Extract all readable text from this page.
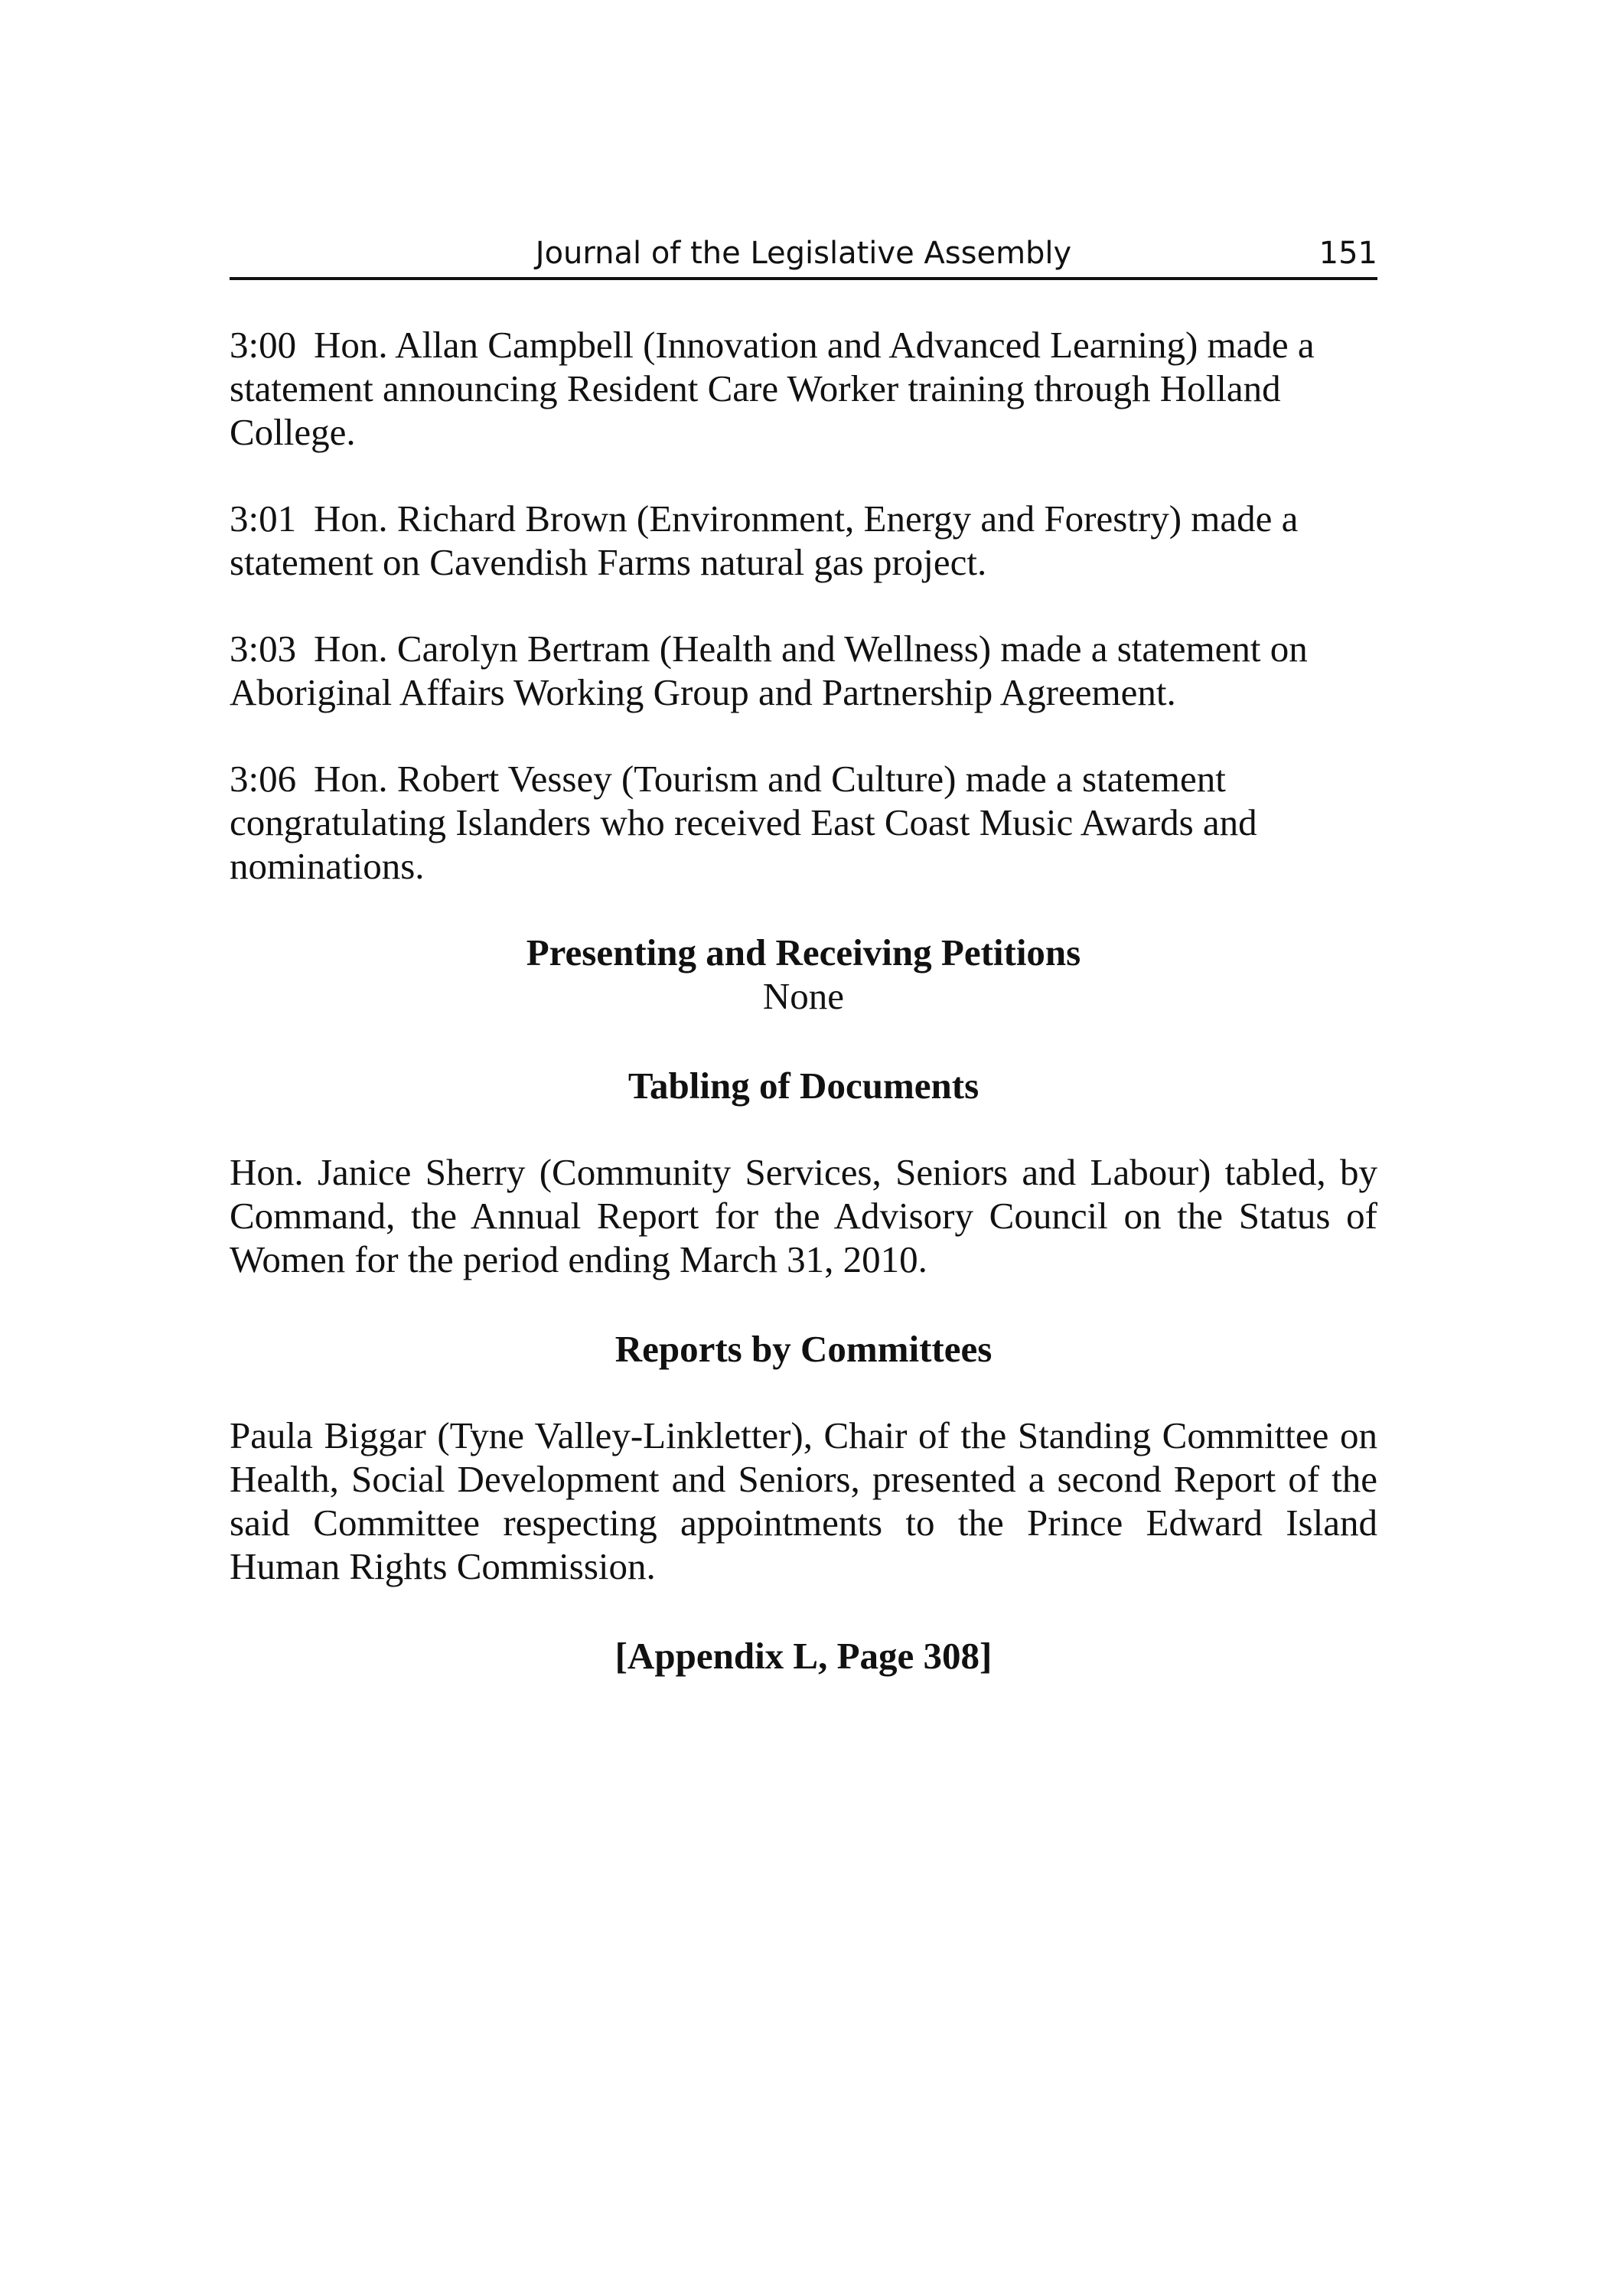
Journal of the Legislative Assembly	151

3:00 Hon. Allan Campbell (Innovation and Advanced Learning) made a statement announcing Resident Care Worker training through Holland College.

3:01 Hon. Richard Brown (Environment, Energy and Forestry) made a statement on Cavendish Farms natural gas project.

3:03 Hon. Carolyn Bertram (Health and Wellness) made a statement on Aboriginal Affairs Working Group and Partnership Agreement.

3:06 Hon. Robert Vessey (Tourism and Culture) made a statement congratulating Islanders who received East Coast Music Awards and nominations.

Presenting and Receiving Petitions

None

Tabling of Documents

Hon. Janice Sherry (Community Services, Seniors and Labour) tabled, by Command, the Annual Report for the Advisory Council on the Status of Women for the period ending March 31, 2010.

Reports by Committees

Paula Biggar (Tyne Valley-Linkletter), Chair of the Standing Committee on Health, Social Development and Seniors, presented a second Report of the said Committee respecting appointments to the Prince Edward Island Human Rights Commission.

[Appendix L, Page 308]
